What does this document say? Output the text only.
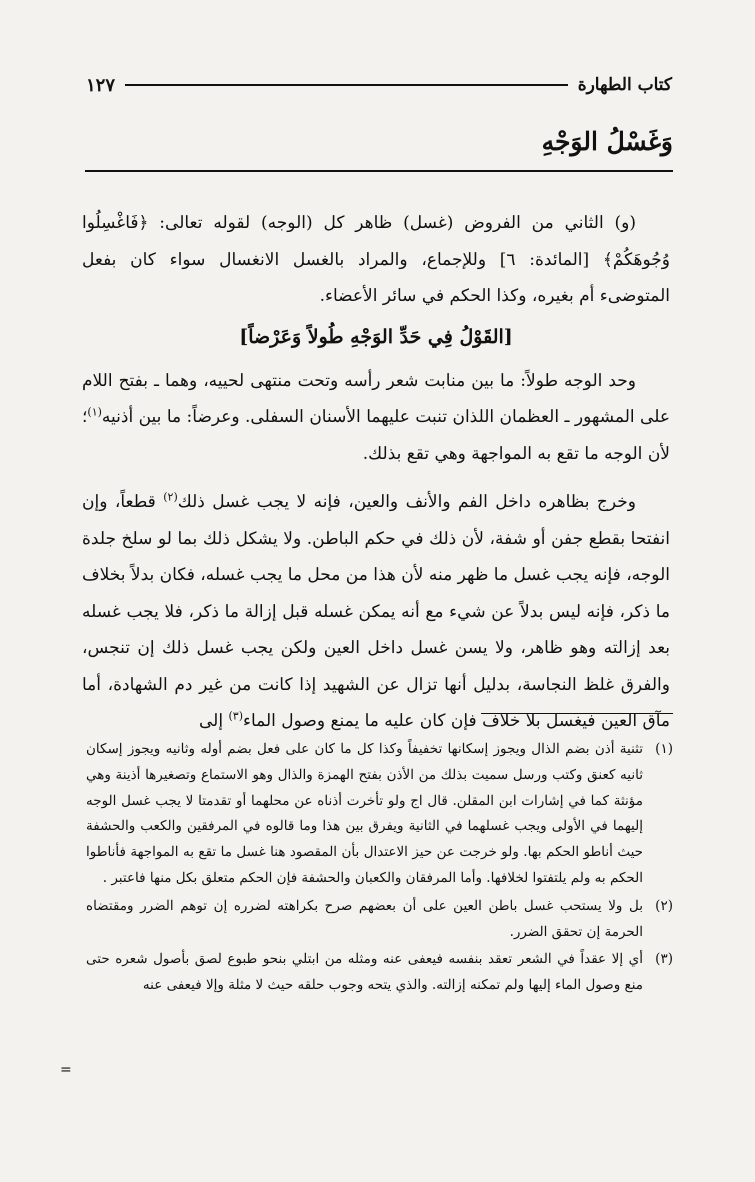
كتاب الطهارة
١٢٧
وَغَسْلُ الوَجْهِ

(و) الثاني من الفروض (غسل) ظاهر كل (الوجه) لقوله تعالى: ﴿فَاغْسِلُوا وُجُوهَكُمْ﴾ [المائدة: ٦] وللإجماع، والمراد بالغسل الانغسال سواء كان بفعل المتوضىء أم بغيره، وكذا الحكم في سائر الأعضاء.

[القَوْلُ فِي حَدِّ الوَجْهِ طُولاً وَعَرْضاً]

وحد الوجه طولاً: ما بين منابت شعر رأسه وتحت منتهى لحييه، وهما ـ بفتح اللام على المشهور ـ العظمان اللذان تنبت عليهما الأسنان السفلى. وعرضاً: ما بين أذنيه$^{(١)}$؛ لأن الوجه ما تقع به المواجهة وهي تقع بذلك.

وخرج بظاهره داخل الفم والأنف والعين، فإنه لا يجب غسل ذلك$^{(٢)}$ قطعاً، وإن انفتحا بقطع جفن أو شفة، لأن ذلك في حكم الباطن. ولا يشكل ذلك بما لو سلخ جلدة الوجه، فإنه يجب غسل ما ظهر منه لأن هذا من محل ما يجب غسله، فكان بدلاً بخلاف ما ذكر، فإنه ليس بدلاً عن شيء مع أنه يمكن غسله قبل إزالة ما ذكر، فلا يجب غسله بعد إزالته وهو ظاهر، ولا يسن غسل داخل العين ولكن يجب غسل ذلك إن تنجس، والفرق غلظ النجاسة، بدليل أنها تزال عن الشهيد إذا كانت من غير دم الشهادة، أما مآق العين فيغسل بلا خلاف فإن كان عليه ما يمنع وصول الماء$^{(٣)}$ إلى

(١)
تثنية أذن بضم الذال ويجوز إسكانها تخفيفاً وكذا كل ما كان على فعل بضم أوله وثانيه ويجوز إسكان ثانيه كعنق وكتب ورسل سميت بذلك من الأذن بفتح الهمزة والذال وهو الاستماع وتصغيرها أذينة وهي مؤنثة كما في إشارات ابن المقلن. قال اج ولو تأخرت أذناه عن محلهما أو تقدمتا لا يجب غسل الوجه إليهما في الأولى ويجب غسلهما في الثانية ويفرق بين هذا وما قالوه في المرفقين والكعب والحشفة حيث أناطو الحكم بها. ولو خرجت عن حيز الاعتدال بأن المقصود هنا غسل ما تقع به المواجهة فأناطوا الحكم به ولم يلتفتوا لخلافها. وأما المرفقان والكعبان والحشفة فإن الحكم متعلق بكل منها فاعتبر .
(٢)
بل ولا يستحب غسل باطن العين على أن بعضهم صرح بكراهته لضرره إن توهم الضرر ومقتضاه الحرمة إن تحقق الضرر.
(٣)
أي إلا عقداً في الشعر تعقد بنفسه فيعفى عنه ومثله من ابتلي بنحو طبوع لصق بأصول شعره حتى منع وصول الماء إليها ولم تمكنه إزالته. والذي يتحه وجوب حلقه حيث لا مثلة وإلا فيعفى عنه
=
